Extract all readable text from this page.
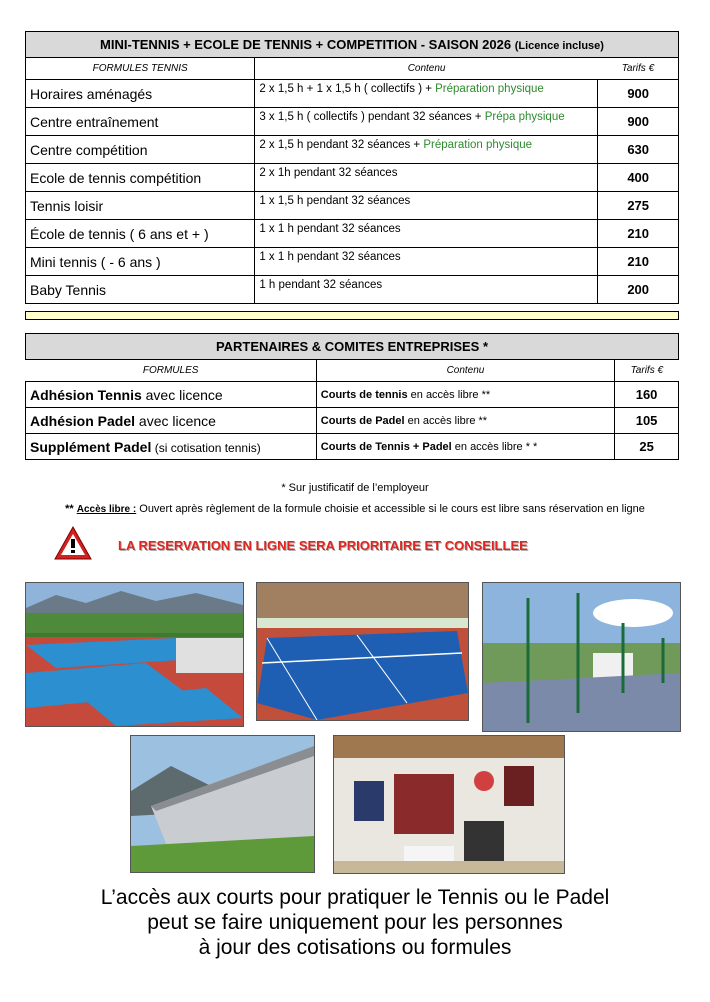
MINI-TENNIS + ECOLE DE TENNIS + COMPETITION - SAISON 2026 (Licence incluse)		
FORMULES TENNIS	Contenu	Tarifs €
Horaires aménagés	2 x 1,5 h + 1 x 1,5 h ( collectifs ) + Préparation physique	900
Centre entraînement	3 x 1,5 h ( collectifs ) pendant 32 séances + Prépa physique	900
Centre compétition	2 x 1,5 h pendant 32 séances + Préparation physique	630
Ecole de tennis compétition	2 x 1h pendant 32 séances	400
Tennis loisir	1 x 1,5 h pendant 32 séances	275
École de tennis ( 6 ans et + )	1 x 1 h pendant 32 séances	210
Mini tennis ( - 6 ans )	1 x 1 h pendant 32 séances	210
Baby Tennis	1 h pendant 32 séances	200
PARTENAIRES & COMITES ENTREPRISES *		
FORMULES	Contenu	Tarifs €
Adhésion Tennis avec licence	Courts de tennis en accès libre **	160
Adhésion Padel avec licence	Courts de Padel en accès libre **	105
Supplément Padel (si cotisation tennis)	Courts de Tennis + Padel en accès libre * *	25
* Sur justificatif de l’employeur
** Accès libre : Ouvert après règlement de la formule choisie et accessible si le cours est libre sans réservation en ligne
LA RESERVATION EN LIGNE SERA PRIORITAIRE ET CONSEILLEE
L’accès aux courts pour pratiquer le Tennis ou le Padel
peut se faire uniquement pour les personnes
à jour des cotisations ou formules
